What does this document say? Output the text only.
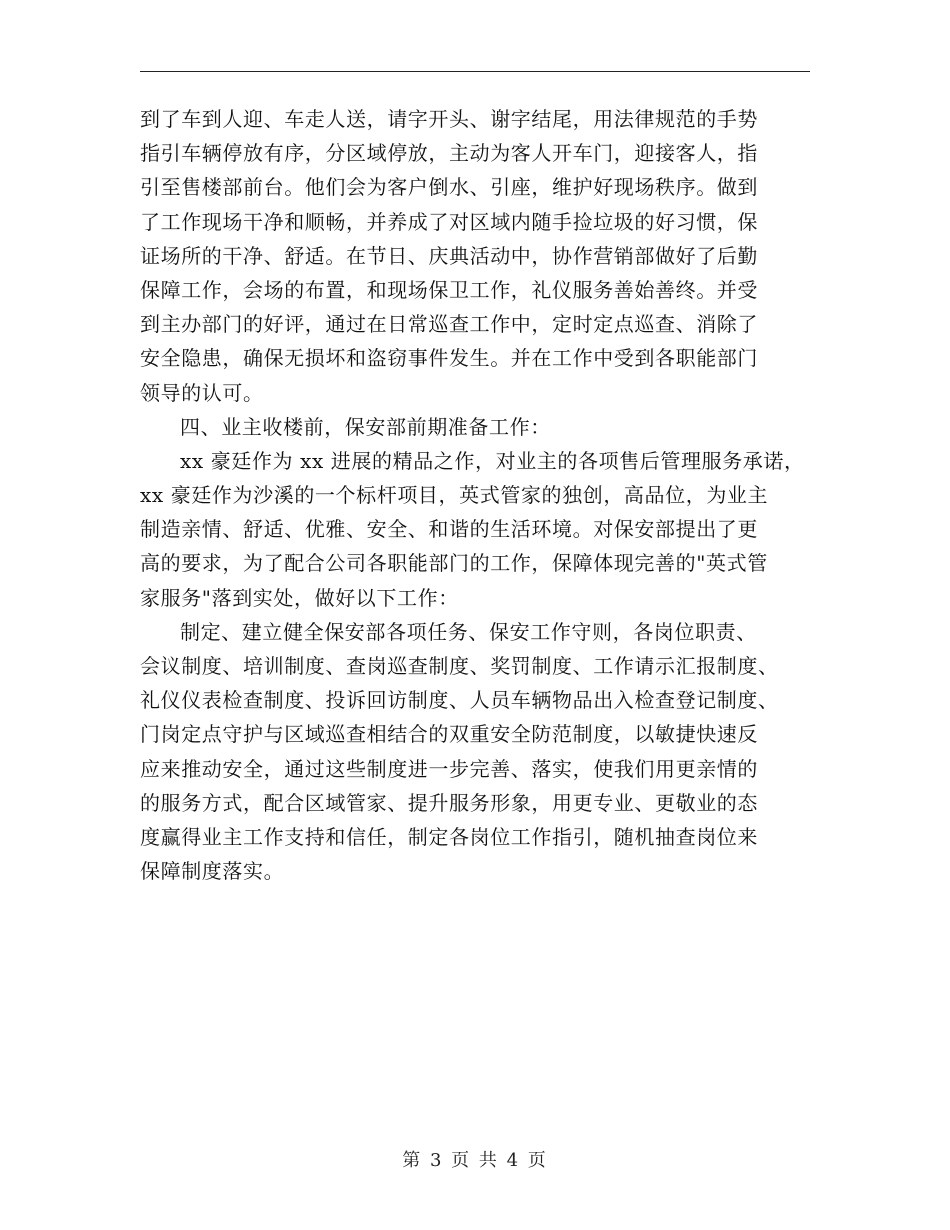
到了车到人迎、车走人送，请字开头、谢字结尾，用法律规范的手势
指引车辆停放有序，分区域停放，主动为客人开车门，迎接客人，指
引至售楼部前台。他们会为客户倒水、引座，维护好现场秩序。做到
了工作现场干净和顺畅，并养成了对区域内随手捡垃圾的好习惯，保
证场所的干净、舒适。在节日、庆典活动中，协作营销部做好了后勤
保障工作，会场的布置，和现场保卫工作，礼仪服务善始善终。并受
到主办部门的好评，通过在日常巡查工作中，定时定点巡查、消除了
安全隐患，确保无损坏和盗窃事件发生。并在工作中受到各职能部门
领导的认可。
四、业主收楼前，保安部前期准备工作：
xx 豪廷作为 xx 进展的精品之作，对业主的各项售后管理服务承诺，
xx 豪廷作为沙溪的一个标杆项目，英式管家的独创，高品位，为业主
制造亲情、舒适、优雅、安全、和谐的生活环境。对保安部提出了更
高的要求，为了配合公司各职能部门的工作，保障体现完善的"英式管
家服务"落到实处，做好以下工作：
制定、建立健全保安部各项任务、保安工作守则，各岗位职责、
会议制度、培训制度、查岗巡查制度、奖罚制度、工作请示汇报制度、
礼仪仪表检查制度、投诉回访制度、人员车辆物品出入检查登记制度、
门岗定点守护与区域巡查相结合的双重安全防范制度，以敏捷快速反
应来推动安全，通过这些制度进一步完善、落实，使我们用更亲情的
的服务方式，配合区域管家、提升服务形象，用更专业、更敬业的态
度赢得业主工作支持和信任，制定各岗位工作指引，随机抽查岗位来
保障制度落实。
第 3 页 共 4 页
